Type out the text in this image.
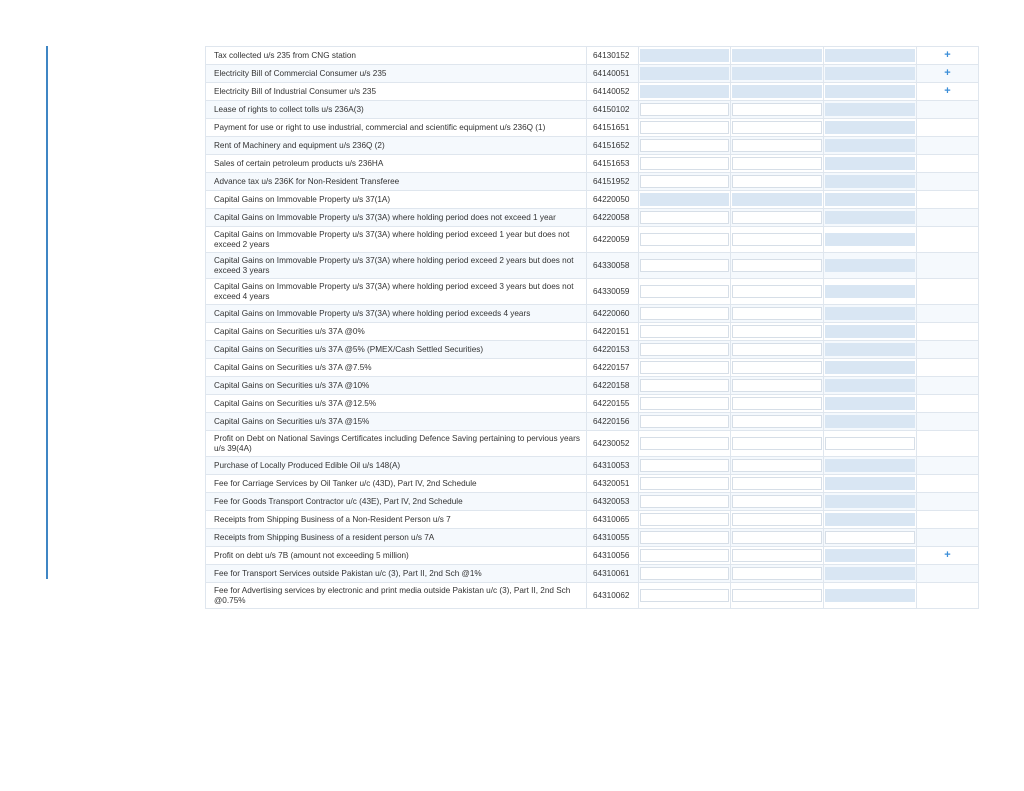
Tax collected u/s 235 from CNG station	64130152				+
Electricity Bill of Commercial Consumer u/s 235	64140051				+
Electricity Bill of Industrial Consumer u/s 235	64140052				+
Lease of rights to collect tolls u/s 236A(3)	64150102	

Payment for use or right to use industrial, commercial and scientific equipment u/s 236Q (1)	64151651	

Rent of Machinery and equipment u/s 236Q (2)	64151652	

Sales of certain petroleum products u/s 236HA	64151653	

Advance tax u/s 236K for Non-Resident Transferee	64151952	

Capital Gains on Immovable Property u/s 37(1A)	64220050	

Capital Gains on Immovable Property u/s 37(3A) where holding period does not exceed 1 year	64220058	

Capital Gains on Immovable Property u/s 37(3A) where holding period exceed 1 year but does not exceed 2 years	64220059	

Capital Gains on Immovable Property u/s 37(3A) where holding period exceed 2 years but does not exceed 3 years	64330058	

Capital Gains on Immovable Property u/s 37(3A) where holding period exceed 3 years but does not exceed 4 years	64330059	

Capital Gains on Immovable Property u/s 37(3A) where holding period exceeds 4 years	64220060	

Capital Gains on Securities u/s 37A @0%	64220151	

Capital Gains on Securities u/s 37A @5% (PMEX/Cash Settled Securities)	64220153	

Capital Gains on Securities u/s 37A @7.5%	64220157	

Capital Gains on Securities u/s 37A @10%	64220158	

Capital Gains on Securities u/s 37A @12.5%	64220155	

Capital Gains on Securities u/s 37A @15%	64220156	

Profit on Debt on National Savings Certificates including Defence Saving pertaining to pervious years u/s 39(4A)	64230052	

Purchase of Locally Produced Edible Oil u/s 148(A)	64310053	

Fee for Carriage Services by Oil Tanker u/c (43D), Part IV, 2nd Schedule	64320051	

Fee for Goods Transport Contractor u/c (43E), Part IV, 2nd Schedule	64320053	

Receipts from Shipping Business of a Non-Resident Person u/s 7	64310065	

Receipts from Shipping Business of a resident person u/s 7A	64310055	

Profit on debt u/s 7B (amount not exceeding 5 million)	64310056				+
Fee for Transport Services outside Pakistan u/c (3), Part II, 2nd Sch @1%	64310061	

Fee for Advertising services by electronic and print media outside Pakistan u/c (3), Part II, 2nd Sch @0.75%	64310062	
